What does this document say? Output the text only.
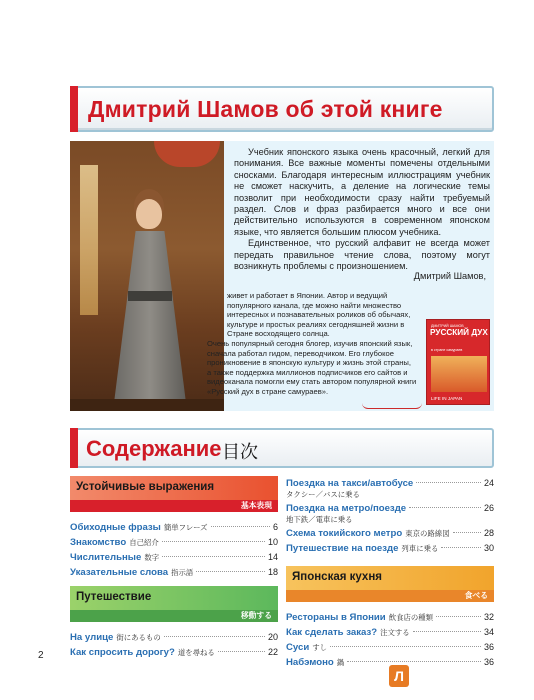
Дмитрий Шамов об этой книге

Учебник японского языка очень красочный, легкий для понимания. Все важные моменты помечены отдельными сносками. Благодаря интересным иллюстрациям учебник не сможет наскучить, а деление на логические темы позволит при необходимости сразу найти требуемый раздел. Слов и фраз разбирается много и все они действительно используются в современном японском языке, что является большим плюсом учебника.

Единственное, что русский алфавит не всегда может передать правильное чтение слова, поэтому могут возникнуть проблемы с произношением.

Дмитрий Шамов,

живет и работает в Японии. Автор и ведущий популярного канала, где можно найти множество интересных и познавательных роликов об обычаях, культуре и простых реалиях сегодняшней жизни в Стране восходящего солнца.

Очень популярный сегодня блогер, изучив японский язык, сначала работал гидом, переводчиком. Его глубокое проникновение в японскую культуру и жизнь этой страны, а также поддержка миллионов подписчиков его сайтов и видеоканала помогли ему стать автором популярной книги «Русский дух в стране самураев».

ДМИТРИЙ ШАМОВ
РУССКИЙ ДУХ
в стране самураев
LIFE IN JAPAN
Содержание 目次
Устойчивые выражения
基本表現
Обиходные фразы 簡単フレーズ	6
Знакомство 自己紹介	10
Числительные 数字	14
Указательные слова 指示語	18
Путешествие
移動する
На улице 街にあるもの	20
Как спросить дорогу? 道を尋ねる	22
Поездка на такси/автобусе	24
タクシー／バスに乗る
Поездка на метро/поезде	26
地下鉄／電車に乗る
Схема токийского метро 東京の路線図	28
Путешествие на поезде 列車に乗る	30
Японская кухня
食べる
Рестораны в Японии 飲食店の種類	32
Как сделать заказ? 注文する	34
Суси すし	36
Набэмоно 鍋	36
2
Л
